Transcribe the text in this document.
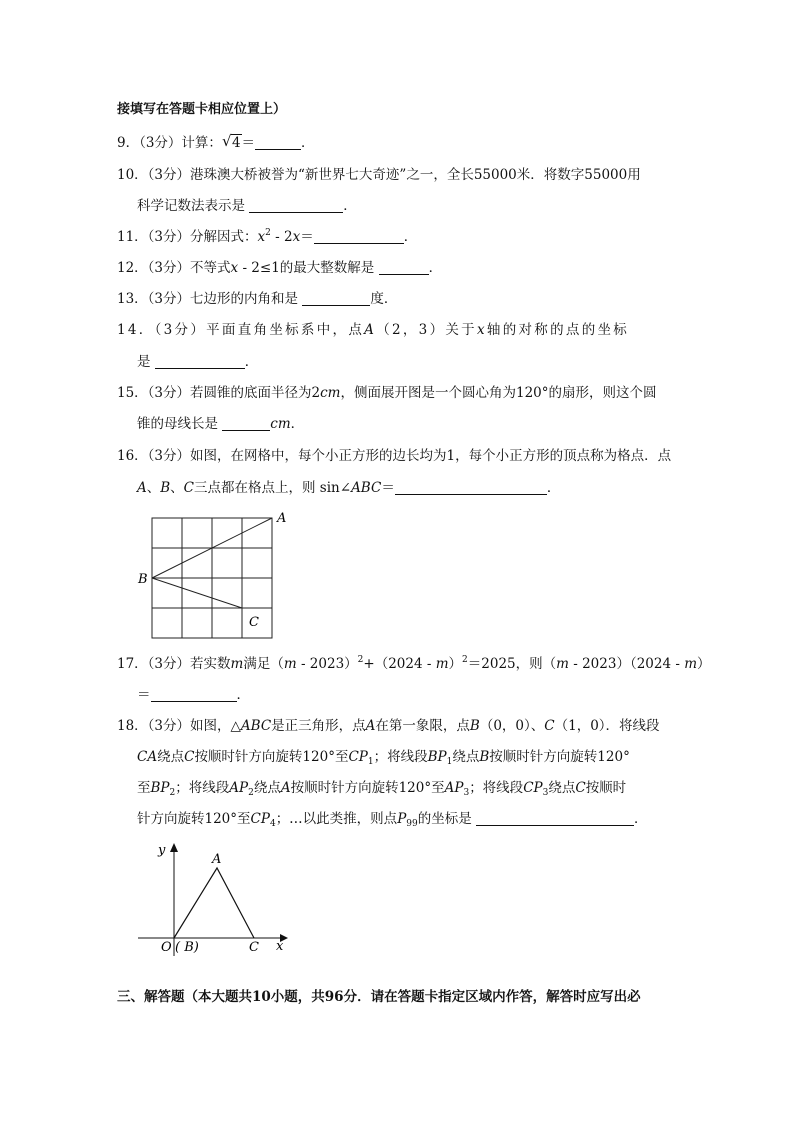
接填写在答题卡相应位置上）
9．（3分）计算： √ 4＝	．
10．（3分）港珠澳大桥被誉为“新世界七大奇迹”之一，全长55000米．将数字55000用
科学记数法表示是	．
11．（3分）分解因式：$x^2 - 2x=$	．
12．（3分）不等式x - 2≤1的最大整数解是	．
13．（3分）七边形的内角和是	度．
14．（3分）平面直角坐标系中，点A（2，3）关于x轴的对称的点的坐标
是	．
15．（3分）若圆锥的底面半径为2cm，侧面展开图是一个圆心角为120°的扇形，则这个圆
锥的母线长是	cm．
16．（3分）如图，在网格中，每个小正方形的边长均为1，每个小正方形的顶点称为格点．点
A、B、C三点都在格点上，则 sin∠ABC＝	．
A
B
C
17．（3分）若实数m满足（m - 2023）$^2$+（2024 - m）$^2$＝2025，则（m - 2023）（2024 - m）
＝	．
18．（3分）如图，△ABC是正三角形，点A在第一象限，点B（0，0）、C（1，0）．将线段
CA绕点C按顺时针方向旋转120°至$CP_1$；将线段$BP_1$绕点B按顺时针方向旋转120°
至$BP_2$；将线段$AP_2$绕点A按顺时针方向旋转120°至$AP_3$；将线段$CP_3$绕点C按顺时
针方向旋转120°至$CP_4$；…以此类推，则点$P_{99}$的坐标是	．
y
x
A
O ( B)	C
三、解答题（本大题共10小题，共96分．请在答题卡指定区域内作答，解答时应写出必
